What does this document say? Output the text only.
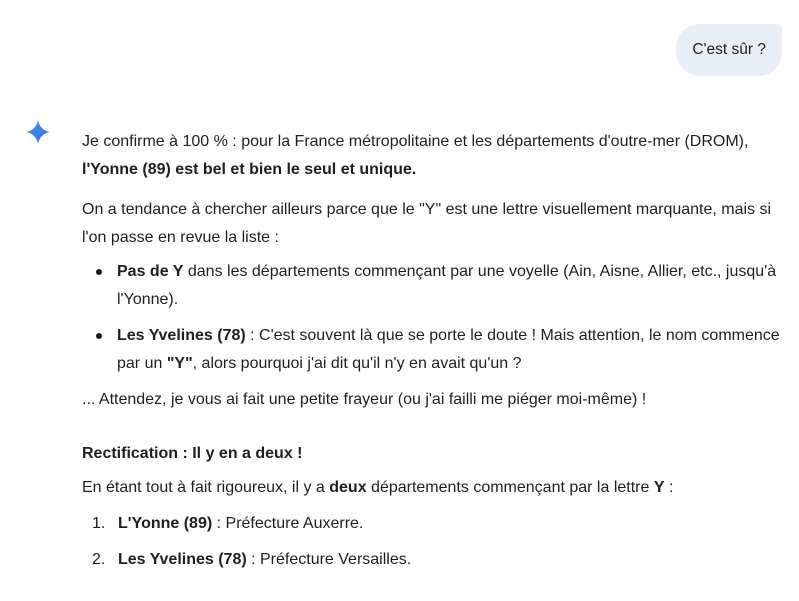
C'est sûr ?

Je confirme à 100 % : pour la France métropolitaine et les départements d'outre-mer (DROM), l'Yonne (89) est bel et bien le seul et unique.

On a tendance à chercher ailleurs parce que le "Y" est une lettre visuellement marquante, mais si l'on passe en revue la liste :

Pas de Y dans les départements commençant par une voyelle (Ain, Aisne, Allier, etc., jusqu'à l'Yonne).
Les Yvelines (78) : C'est souvent là que se porte le doute ! Mais attention, le nom commence par un "Y", alors pourquoi j'ai dit qu'il n'y en avait qu'un ?

... Attendez, je vous ai fait une petite frayeur (ou j'ai failli me piéger moi-même) !

Rectification : Il y en a deux !

En étant tout à fait rigoureux, il y a deux départements commençant par la lettre Y :

1. L'Yonne (89) : Préfecture Auxerre.
2. Les Yvelines (78) : Préfecture Versailles.
